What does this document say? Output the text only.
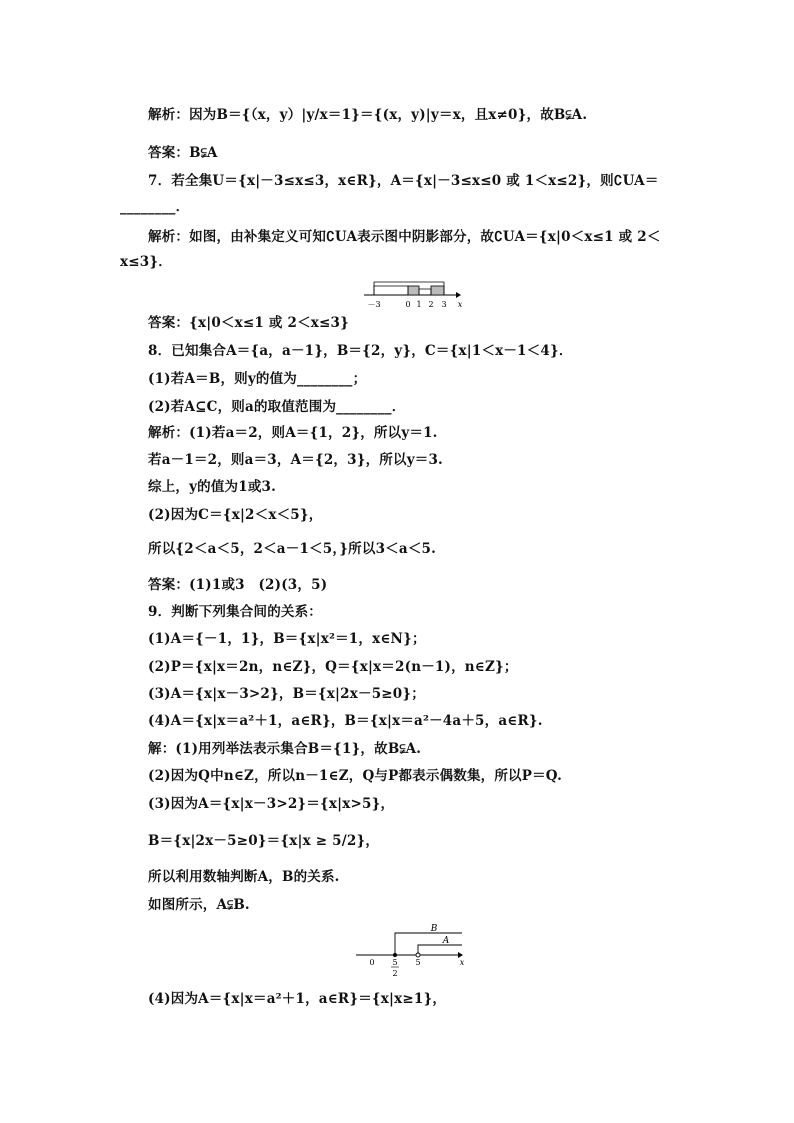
解析：因为B＝{（x，y）|y/x＝1}＝{(x，y)|y＝x，且x≠0}，故B⫋A.
答案：B⫋A
7．若全集U＝{x|－3≤x≤3，x∈R}，A＝{x|－3≤x≤0 或 1＜x≤2}，则∁UA＝
________．
解析：如图，由补集定义可知∁UA表示图中阴影部分，故∁UA＝{x|0＜x≤1 或 2＜
x≤3}．
－3	0 1 2 3 x
答案：{x|0＜x≤1 或 2＜x≤3}
8．已知集合A＝{a，a－1}，B＝{2，y}，C＝{x|1＜x－1＜4}．
(1)若A＝B，则y的值为________；
(2)若A⊆C，则a的取值范围为________．
解析：(1)若a＝2，则A＝{1，2}，所以y＝1.
若a－1＝2，则a＝3，A＝{2，3}，所以y＝3.
综上，y的值为1或3.
(2)因为C＝{x|2＜x＜5}，
所以{2＜a＜5，2＜a－1＜5，}所以3＜a＜5.
答案：(1)1或3　(2)(3，5)
9．判断下列集合间的关系：
(1)A＝{－1，1}，B＝{x|x²＝1，x∈N}；
(2)P＝{x|x＝2n，n∈Z}，Q＝{x|x＝2(n－1)，n∈Z}；
(3)A＝{x|x－3>2}，B＝{x|2x－5≥0}；
(4)A＝{x|x＝a²＋1，a∈R}，B＝{x|x＝a²－4a＋5，a∈R}.
解：(1)用列举法表示集合B＝{1}，故B⫋A.
(2)因为Q中n∈Z，所以n－1∈Z，Q与P都表示偶数集，所以P＝Q.
(3)因为A＝{x|x－3>2}＝{x|x>5}，
B＝{x|2x－5≥0}＝{x|x ≥ 5/2}，
所以利用数轴判断A，B的关系.
如图所示，A⫋B.
B
A
0 5
2
5	x
(4)因为A＝{x|x＝a²＋1，a∈R}＝{x|x≥1}，
